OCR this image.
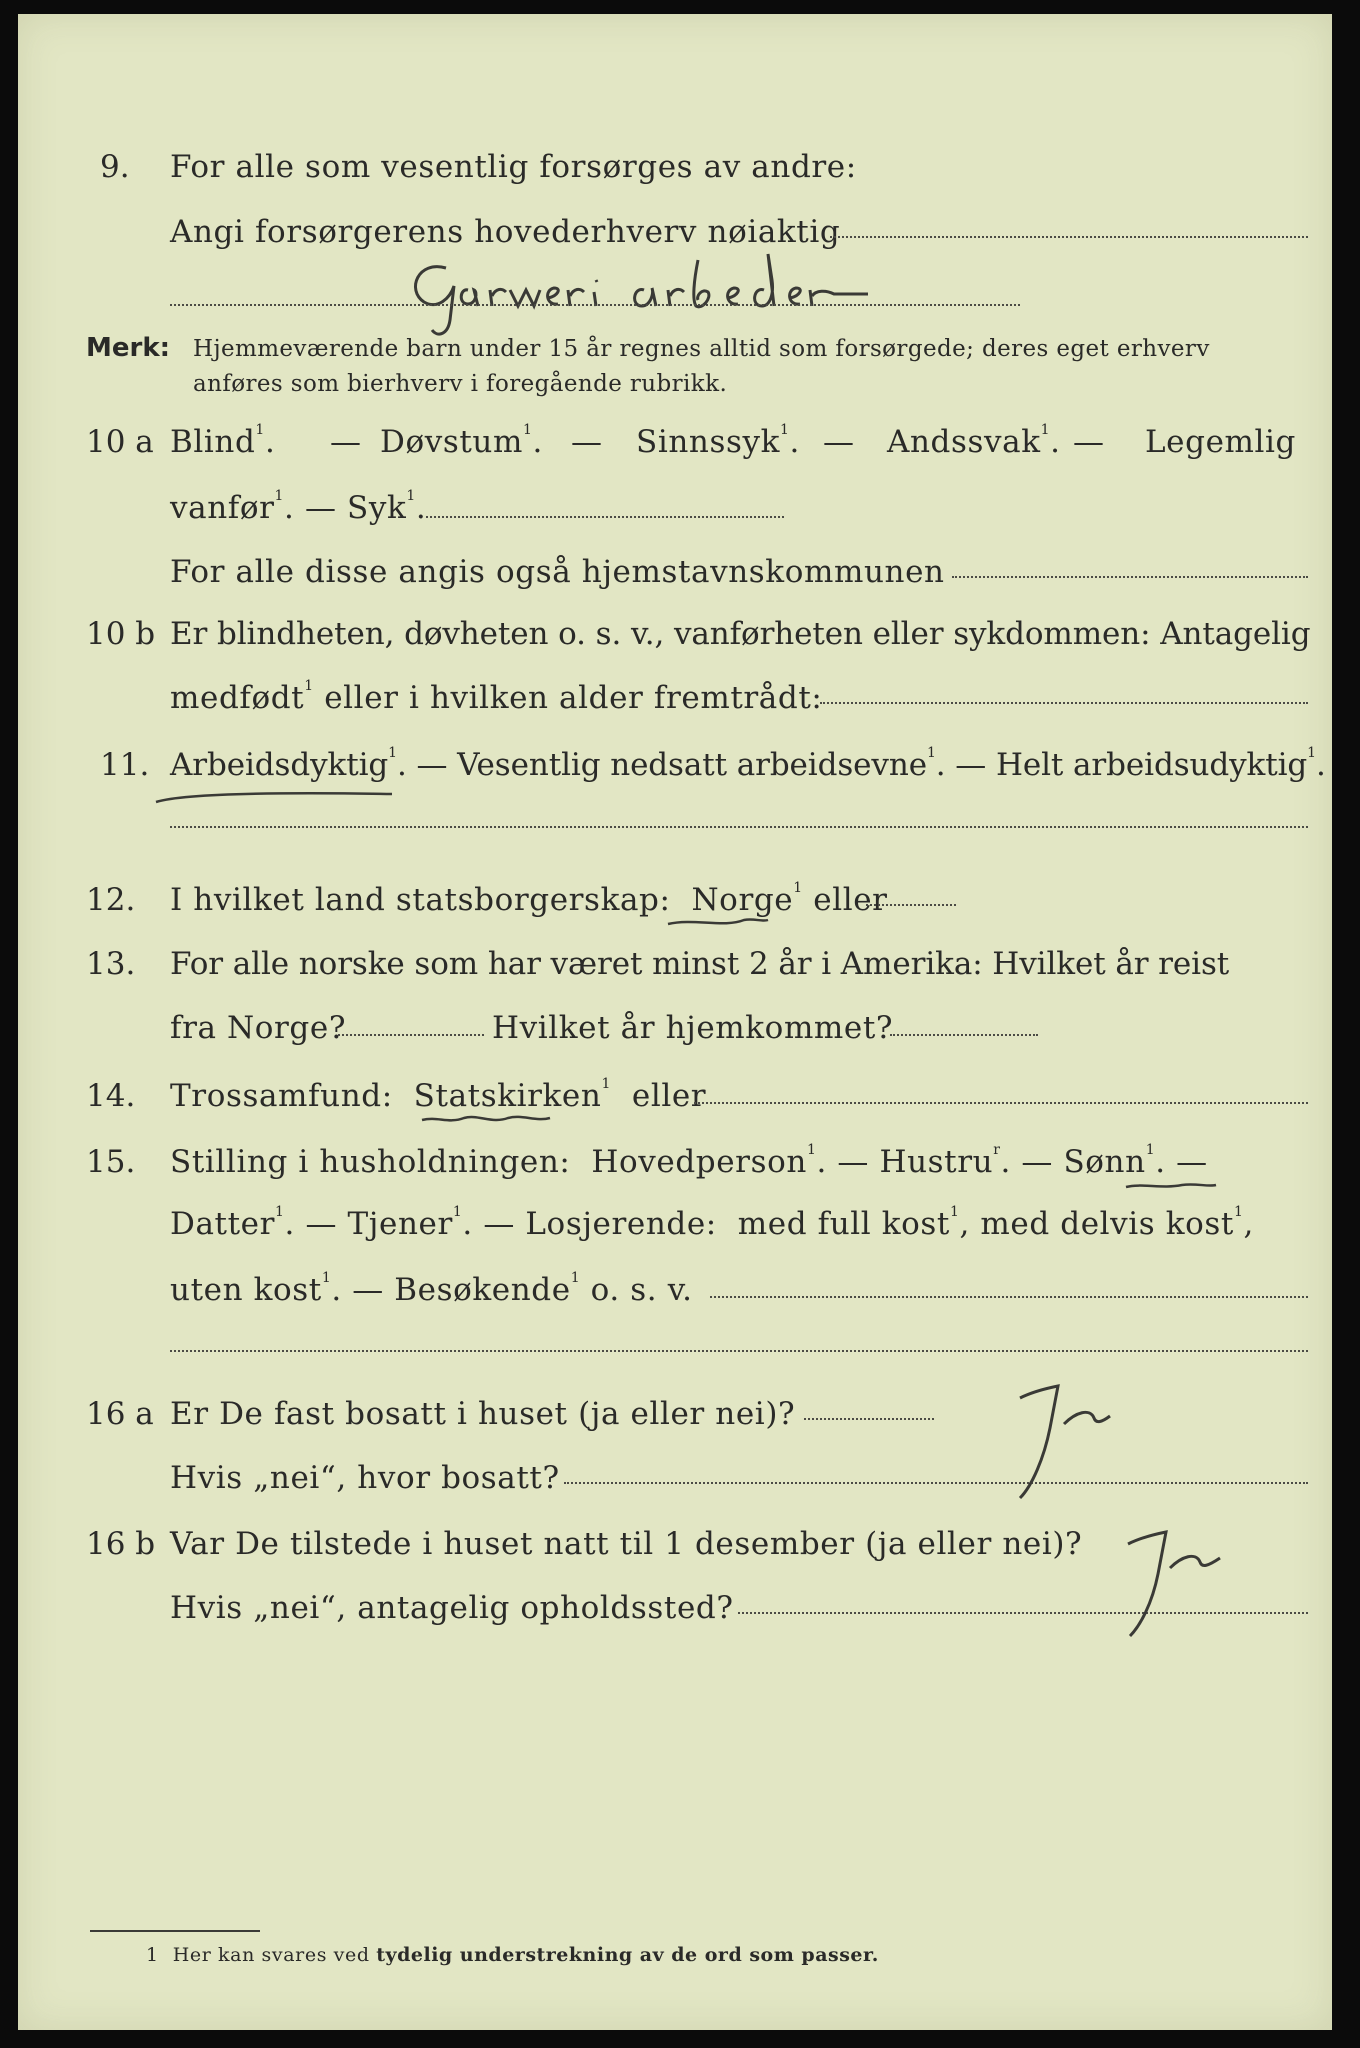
9. For alle som vesentlig forsørges av andre:
Angi forsørgerens hovederhverv nøiaktig
Merk: Hjemmeværende barn under 15 år regnes alltid som forsørgede; deres eget erhverv
anføres som bierhverv i foregående rubrikk.
10 a Blind$^1$. — Døvstum$^1$. — Sinnssyk$^1$. — Andssvak$^1$. — Legemlig
vanfør$^1$. — Syk$^1$.
For alle disse angis også hjemstavnskommunen
10 b Er blindheten, døvheten o. s. v., vanførheten eller sykdommen: Antagelig
medfødt$^1$ eller i hvilken alder fremtrådt:
11. Arbeidsdyktig$^1$. — Vesentlig nedsatt arbeidsevne$^1$. — Helt arbeidsudyktig$^1$.
12. I hvilket land statsborgerskap: Norge$^1$ eller
13. For alle norske som har været minst 2 år i Amerika: Hvilket år reist
fra Norge?	Hvilket år hjemkommet?
14. Trossamfund: Statskirken$^1$ eller
15. Stilling i husholdningen: Hovedperson$^1$. — Hustru$^r$. — Sønn$^1$. —
Datter$^1$. — Tjener$^1$. — Losjerende: med full kost$^1$, med delvis kost$^1$,
uten kost$^1$. — Besøkende$^1$ o. s. v.
16 a Er De fast bosatt i huset (ja eller nei)?
Hvis „nei“, hvor bosatt?
16 b Var De tilstede i huset natt til 1 desember (ja eller nei)?
Hvis „nei“, antagelig opholdssted?
1 Her kan svares ved tydelig understrekning av de ord som passer.
